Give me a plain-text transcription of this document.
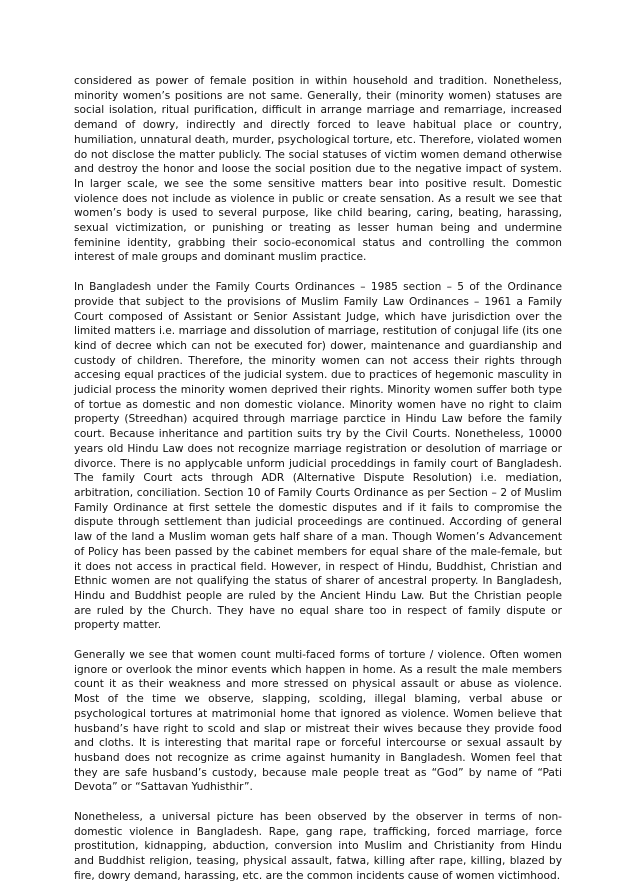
considered as power of female position in within household and tradition. Nonetheless, minority women’s positions are not same. Generally, their (minority women) statuses are social isolation, ritual purification, difficult in arrange marriage and remarriage, increased demand of dowry, indirectly and directly forced to leave habitual place or country, humiliation, unnatural death, murder, psychological torture, etc. Therefore, violated women do not disclose the matter publicly. The social statuses of victim women demand otherwise and destroy the honor and loose the social position due to the negative impact of system. In larger scale, we see the some sensitive matters bear into positive result. Domestic violence does not include as violence in public or create sensation. As a result we see that women’s body is used to several purpose, like child bearing, caring, beating, harassing, sexual victimization, or punishing or treating as lesser human being and undermine feminine identity, grabbing their socio-economical status and controlling the common interest of male groups and dominant muslim practice.

In Bangladesh under the Family Courts Ordinances – 1985 section – 5 of the Ordinance provide that subject to the provisions of Muslim Family Law Ordinances – 1961 a Family Court composed of Assistant or Senior Assistant Judge, which have jurisdiction over the limited matters i.e. marriage and dissolution of marriage, restitution of conjugal life (its one kind of decree which can not be executed for) dower, maintenance and guardianship and custody of children. Therefore, the minority women can not access their rights through accesing equal practices of the judicial system. due to practices of hegemonic masculity in judicial process the minority women deprived their rights. Minority women suffer both type of tortue as domestic and non domestic violance. Minority women have no right to claim property (Streedhan) acquired through marriage parctice in Hindu Law before the family court. Because inheritance and partition suits try by the Civil Courts. Nonetheless, 10000 years old Hindu Law does not recognize marriage registration or desolution of marriage or divorce. There is no applycable unform judicial proceddings in family court of Bangladesh. The family Court acts through ADR (Alternative Dispute Resolution) i.e. mediation, arbitration, conciliation. Section 10 of Family Courts Ordinance as per Section – 2 of Muslim Family Ordinance at first settele the domestic disputes and if it fails to compromise the dispute through settlement than judicial proceedings are continued. According of general law of the land a Muslim woman gets half share of a man. Though Women’s Advancement of Policy has been passed by the cabinet members for equal share of the male-female, but it does not access in practical field. However, in respect of Hindu, Buddhist, Christian and Ethnic women are not qualifying the status of sharer of ancestral property. In Bangladesh, Hindu and Buddhist people are ruled by the Ancient Hindu Law. But the Christian people are ruled by the Church. They have no equal share too in respect of family dispute or property matter.

Generally we see that women count multi-faced forms of torture / violence. Often women ignore or overlook the minor events which happen in home. As a result the male members count it as their weakness and more stressed on physical assault or abuse as violence. Most of the time we observe, slapping, scolding, illegal blaming, verbal abuse or psychological tortures at matrimonial home that ignored as violence. Women believe that husband’s have right to scold and slap or mistreat their wives because they provide food and cloths. It is interesting that marital rape or forceful intercourse or sexual assault by husband does not recognize as crime against humanity in Bangladesh. Women feel that they are safe husband’s custody, because male people treat as “God” by name of “Pati Devota” or “Sattavan Yudhisthir”.

Nonetheless, a universal picture has been observed by the observer in terms of non-domestic violence in Bangladesh. Rape, gang rape, trafficking, forced marriage, force prostitution, kidnapping, abduction, conversion into Muslim and Christianity from Hindu and Buddhist religion, teasing, physical assault, fatwa, killing after rape, killing, blazed by fire, dowry demand, harassing, etc. are the common incidents cause of women victimhood.
